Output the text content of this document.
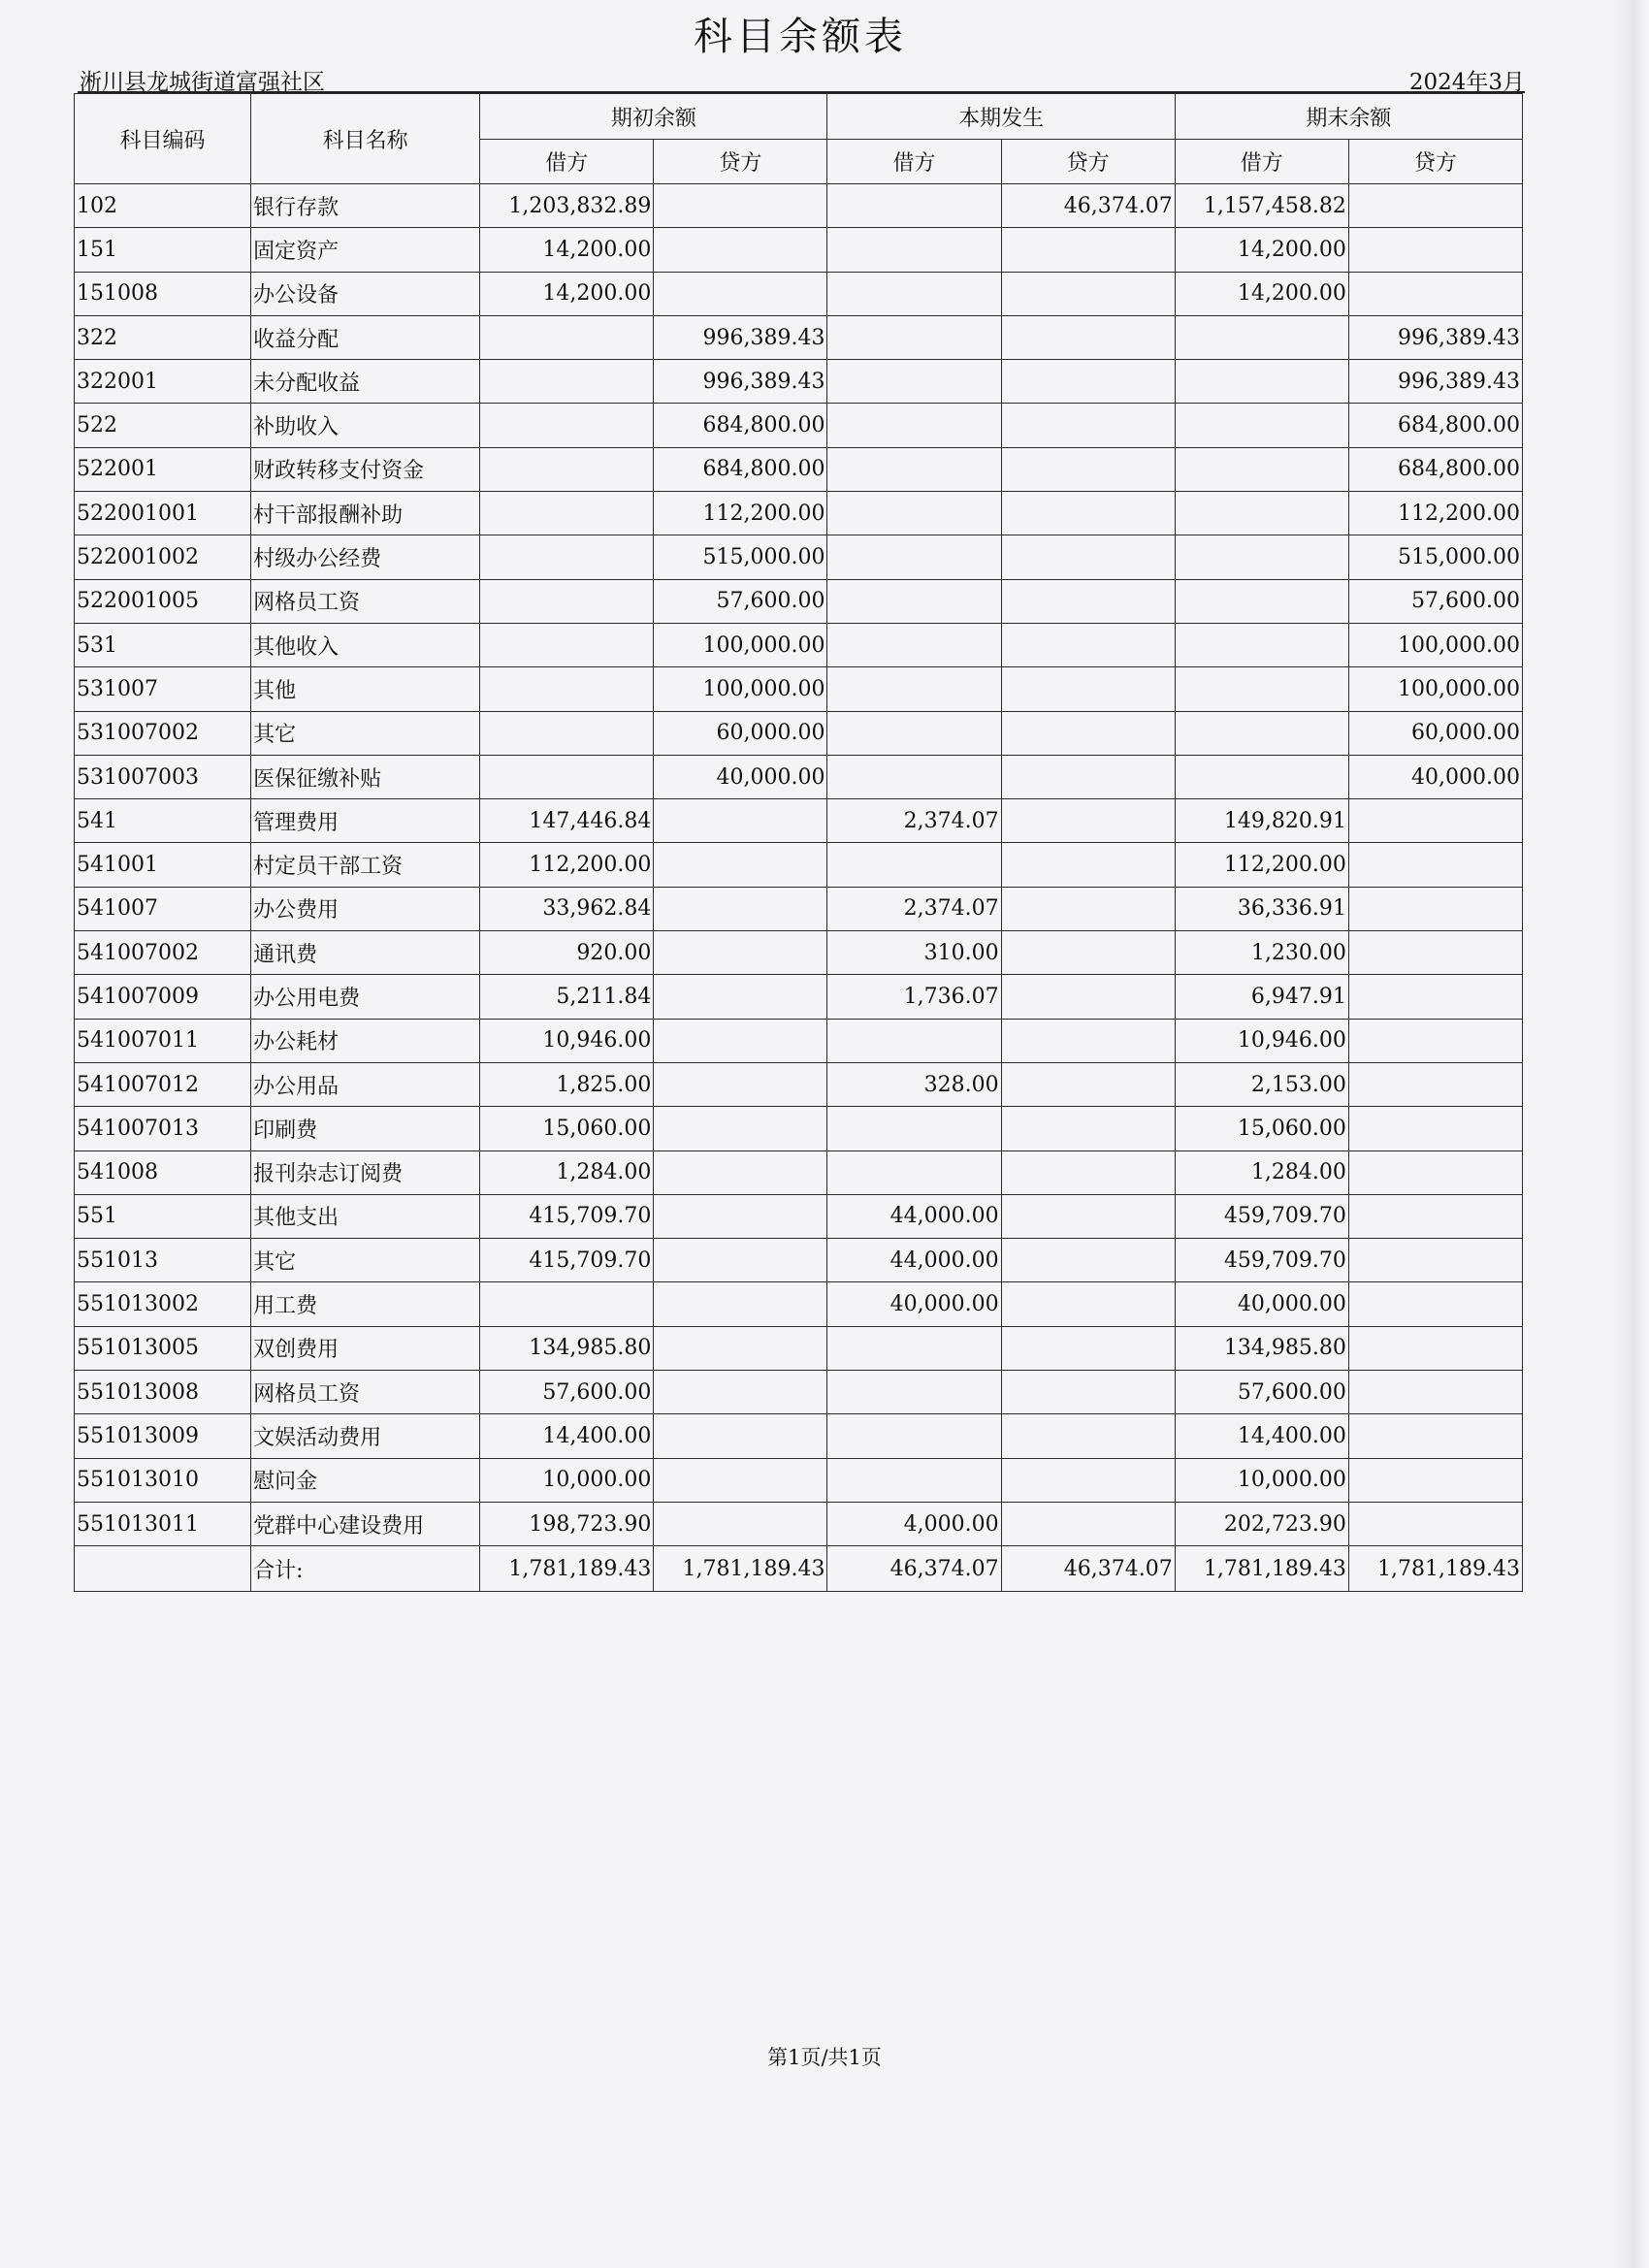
科目余额表
淅川县龙城街道富强社区	2024年3月
科目编码	科目名称	期初余额		本期发生		期末余额	
		借方	贷方	借方	贷方	借方	贷方
102	银行存款	1,203,832.89			46,374.07	1,157,458.82	
151	固定资产	14,200.00				14,200.00	
151008	办公设备	14,200.00				14,200.00	
322	收益分配		996,389.43				996,389.43
322001	未分配收益		996,389.43				996,389.43
522	补助收入		684,800.00				684,800.00
522001	财政转移支付资金		684,800.00				684,800.00
522001001	村干部报酬补助		112,200.00				112,200.00
522001002	村级办公经费		515,000.00				515,000.00
522001005	网格员工资		57,600.00				57,600.00
531	其他收入		100,000.00				100,000.00
531007	其他		100,000.00				100,000.00
531007002	其它		60,000.00				60,000.00
531007003	医保征缴补贴		40,000.00				40,000.00
541	管理费用	147,446.84		2,374.07		149,820.91	
541001	村定员干部工资	112,200.00				112,200.00	
541007	办公费用	33,962.84		2,374.07		36,336.91	
541007002	通讯费	920.00		310.00		1,230.00	
541007009	办公用电费	5,211.84		1,736.07		6,947.91	
541007011	办公耗材	10,946.00				10,946.00	
541007012	办公用品	1,825.00		328.00		2,153.00	
541007013	印刷费	15,060.00				15,060.00	
541008	报刊杂志订阅费	1,284.00				1,284.00	
551	其他支出	415,709.70		44,000.00		459,709.70	
551013	其它	415,709.70		44,000.00		459,709.70	
551013002	用工费			40,000.00		40,000.00	
551013005	双创费用	134,985.80				134,985.80	
551013008	网格员工资	57,600.00				57,600.00	
551013009	文娱活动费用	14,400.00				14,400.00	
551013010	慰问金	10,000.00				10,000.00	
551013011	党群中心建设费用	198,723.90		4,000.00		202,723.90	
	合计:	1,781,189.43	1,781,189.43	46,374.07	46,374.07	1,781,189.43	1,781,189.43
第1页/共1页
